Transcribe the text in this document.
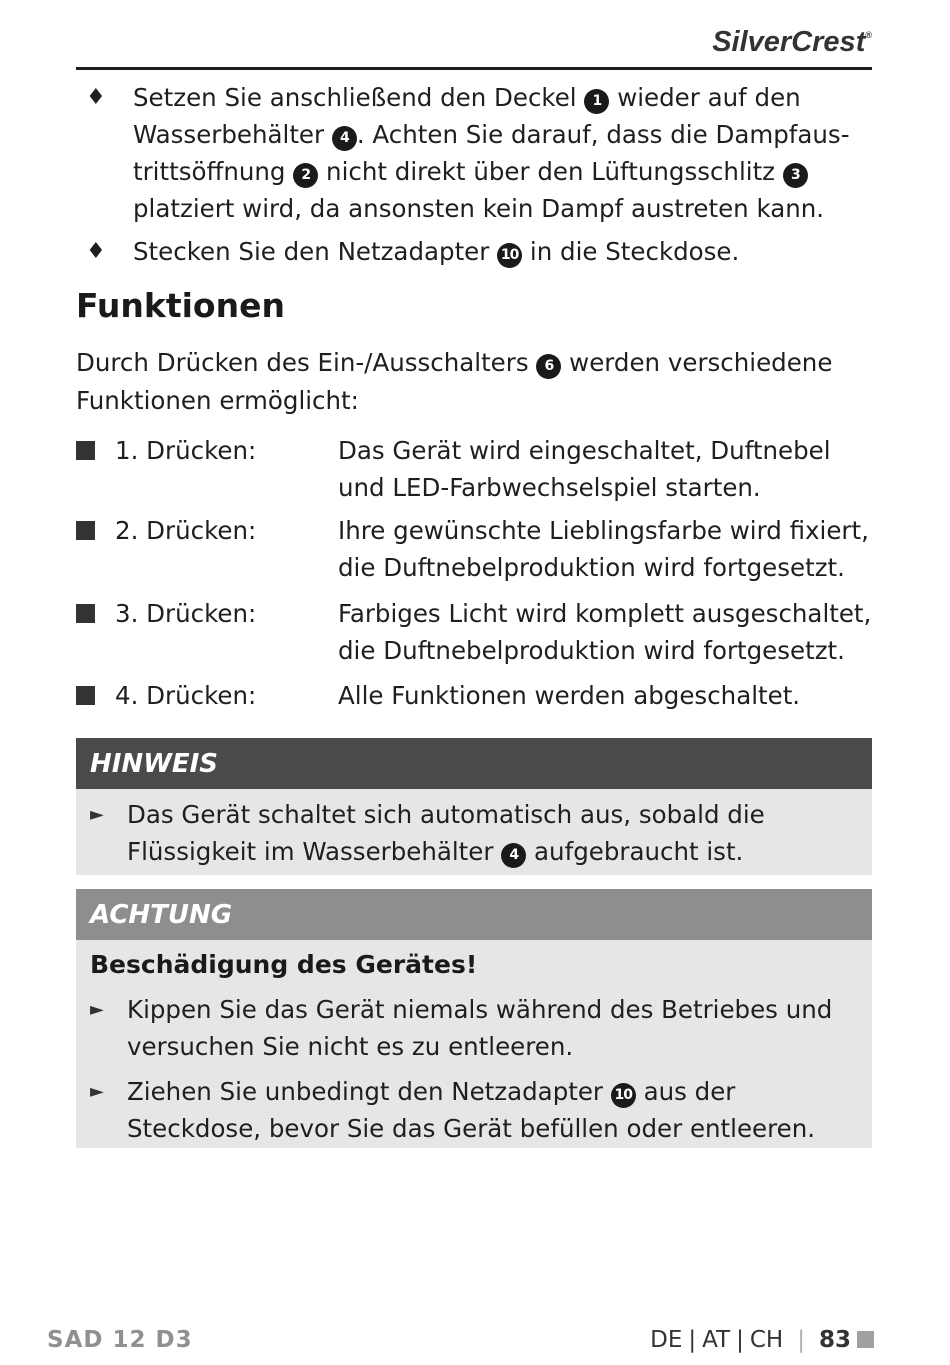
SilverCrest®
♦ Setzen Sie anschließend den Deckel 1 wieder auf den Wasserbehälter 4 . Achten Sie darauf, dass die Dampfaustrittsöffnung 2 nicht direkt über den Lüftungsschlitz 3 platziert wird, da ansonsten kein Dampf austreten kann.
♦ Stecken Sie den Netzadapter 10 in die Steckdose.
Funktionen

Durch Drücken des Ein-/Ausschalters 6 werden verschiedene Funktionen ermöglicht:

1. Drücken:	Das Gerät wird eingeschaltet, Duftnebel und LED-Farbwechselspiel starten.
2. Drücken:	Ihre gewünschte Lieblingsfarbe wird fixiert, die Duftnebelproduktion wird fortgesetzt.
3. Drücken:	Farbiges Licht wird komplett ausgeschaltet, die Duftnebelproduktion wird fortgesetzt.
4. Drücken:	Alle Funktionen werden abgeschaltet.
HINWEIS
► Das Gerät schaltet sich automatisch aus, sobald die Flüssigkeit im Wasserbehälter 4 aufgebraucht ist.
ACHTUNG

Beschädigung des Gerätes!

► Kippen Sie das Gerät niemals während des Betriebes und versuchen Sie nicht es zu entleeren.
► Ziehen Sie unbedingt den Netzadapter 10 aus der Steckdose, bevor Sie das Gerät befüllen oder entleeren.
SAD 12 D3	DE | AT | CH | 83
